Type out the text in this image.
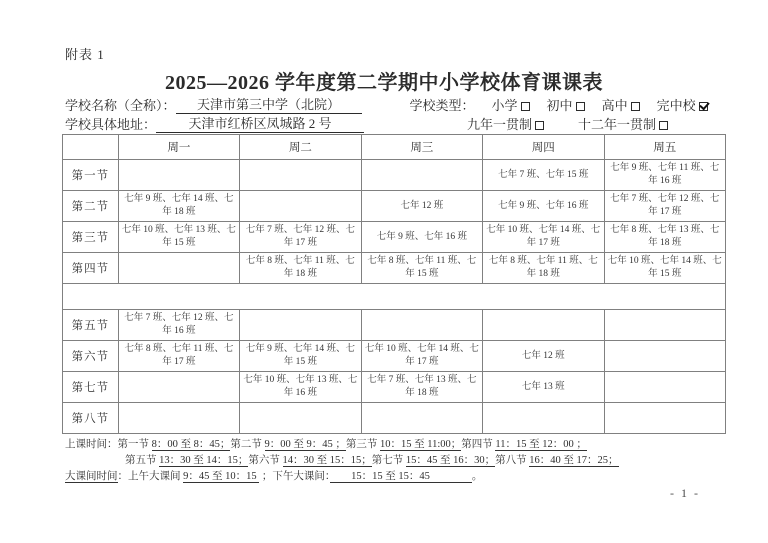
附表 1
2025—2026 学年度第二学期中小学校体育课课表
学校名称（全称）：	天津市第三中学（北院）	学校类型： 小学 初中 高中 完中校
学校具体地址：	天津市红桥区凤城路 2 号	九年一贯制	十二年一贯制
	周一	周二	周三	周四	周五
第一节				七年 7 班、七年 15 班	七年 9 班、七年 11 班、七年 16 班
第二节	七年 9 班、七年 14 班、七年 18 班		七年 12 班	七年 9 班、七年 16 班	七年 7 班、七年 12 班、七年 17 班
第三节	七年 10 班、七年 13 班、七年 15 班	七年 7 班、七年 12 班、七年 17 班	七年 9 班、七年 16 班	七年 10 班、七年 14 班、七年 17 班	七年 8 班、七年 13 班、七年 18 班
第四节		七年 8 班、七年 11 班、七年 18 班	七年 8 班、七年 11 班、七年 15 班	七年 8 班、七年 11 班、七年 18 班	七年 10 班、七年 14 班、七年 15 班

第五节	七年 7 班、七年 12 班、七年 16 班				
第六节	七年 8 班、七年 11 班、七年 17 班	七年 9 班、七年 14 班、七年 15 班	七年 10 班、七年 14 班、七年 17 班	七年 12 班	
第七节		七年 10 班、七年 13 班、七年 16 班	七年 7 班、七年 13 班、七年 18 班	七年 13 班	
第八节					
上课时间：第一节 8：00 至 8：45；第二节 9：00 至 9：45 ；第三节 10：15 至 11:00；第四节 11：15 至 12：00 ；
第五节 13：30 至 14：15；第六节 14：30 至 15：15；第七节 15：45 至 16：30；第八节 16：40 至 17：25；
大课间时间：上午大课间 9：45 至 10：15  ；下午大课间：　　15：15 至 15：45　　　　。
- 1 -
